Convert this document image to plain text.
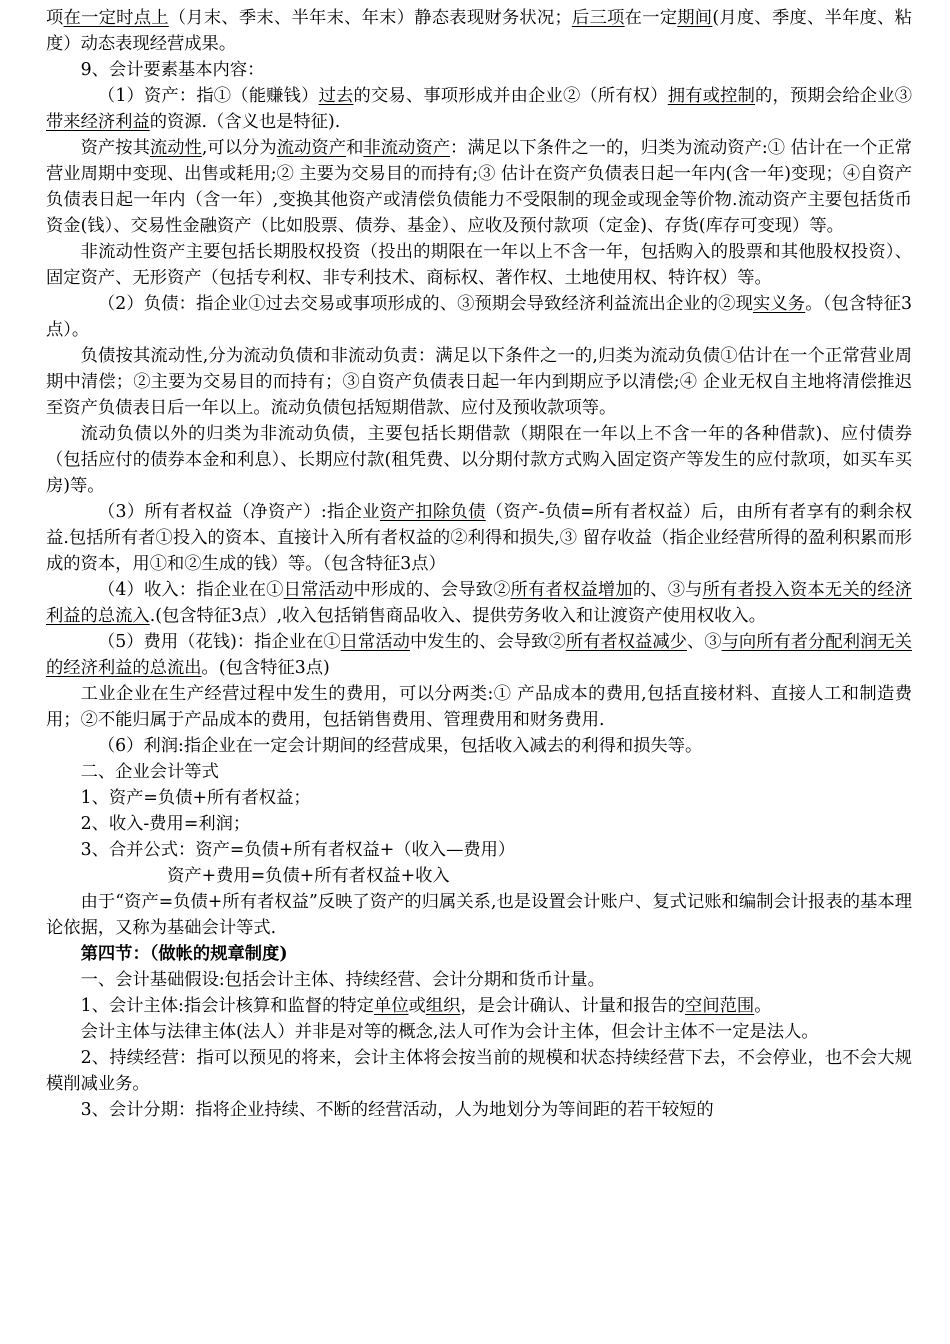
项在一定时点上（月末、季末、半年末、年末）静态表现财务状况；后三项在一定期间(月度、季度、半年度、粘度）动态表现经营成果。

9、会计要素基本内容：

（1）资产：指①（能赚钱）过去的交易、事项形成并由企业②（所有权）拥有或控制的，预期会给企业③带来经济利益的资源.（含义也是特征).

资产按其流动性,可以分为流动资产和非流动资产：满足以下条件之一的，归类为流动资产:① 估计在一个正常营业周期中变现、出售或耗用;② 主要为交易目的而持有;③ 估计在资产负债表日起一年内(含一年)变现；④自资产负债表日起一年内（含一年）,变换其他资产或清偿负债能力不受限制的现金或现金等价物.流动资产主要包括货币资金(钱）、交易性金融资产（比如股票、债券、基金）、应收及预付款项（定金)、存货(库存可变现）等。

非流动性资产主要包括长期股权投资（投出的期限在一年以上不含一年，包括购入的股票和其他股权投资）、固定资产、无形资产（包括专利权、非专利技术、商标权、著作权、土地使用权、特许权）等。

（2）负债：指企业①过去交易或事项形成的、③预期会导致经济利益流出企业的②现实义务。（包含特征3点）。

负债按其流动性,分为流动负债和非流动负责：满足以下条件之一的,归类为流动负债①估计在一个正常营业周期中清偿；②主要为交易目的而持有；③自资产负债表日起一年内到期应予以清偿;④ 企业无权自主地将清偿推迟至资产负债表日后一年以上。流动负债包括短期借款、应付及预收款项等。

流动负债以外的归类为非流动负债，主要包括长期借款（期限在一年以上不含一年的各种借款)、应付债券（包括应付的债券本金和利息）、长期应付款(租凭费、以分期付款方式购入固定资产等发生的应付款项，如买车买房)等。

（3）所有者权益（净资产）:指企业资产扣除负债（资产-负债=所有者权益）后，由所有者享有的剩余权益.包括所有者①投入的资本、直接计入所有者权益的②利得和损失,③ 留存收益（指企业经营所得的盈利积累而形成的资本，用①和②生成的钱）等。（包含特征3点）

（4）收入：指企业在①日常活动中形成的、会导致②所有者权益增加的、③与所有者投入资本无关的经济利益的总流入.(包含特征3点）,收入包括销售商品收入、提供劳务收入和让渡资产使用权收入。

（5）费用（花钱)：指企业在①日常活动中发生的、会导致②所有者权益减少、③与向所有者分配利润无关的经济利益的总流出。(包含特征3点)

工业企业在生产经营过程中发生的费用，可以分两类:① 产品成本的费用,包括直接材料、直接人工和制造费用；②不能归属于产品成本的费用，包括销售费用、管理费用和财务费用.

（6）利润:指企业在一定会计期间的经营成果，包括收入减去的利得和损失等。

二、企业会计等式

1、资产=负债+所有者权益；

2、收入-费用=利润；

3、合并公式：资产=负债+所有者权益+（收入—费用）

资产+费用=负债+所有者权益+收入

由于“资产=负债+所有者权益”反映了资产的归属关系,也是设置会计账户、复式记账和编制会计报表的基本理论依据，又称为基础会计等式.

第四节：（做帐的规章制度)

一、会计基础假设:包括会计主体、持续经营、会计分期和货币计量。

1、会计主体:指会计核算和监督的特定单位或组织，是会计确认、计量和报告的空间范围。

会计主体与法律主体(法人）并非是对等的概念,法人可作为会计主体，但会计主体不一定是法人。

2、持续经营：指可以预见的将来，会计主体将会按当前的规模和状态持续经营下去，不会停业，也不会大规模削减业务。

3、会计分期：指将企业持续、不断的经营活动，人为地划分为等间距的若干较短的
